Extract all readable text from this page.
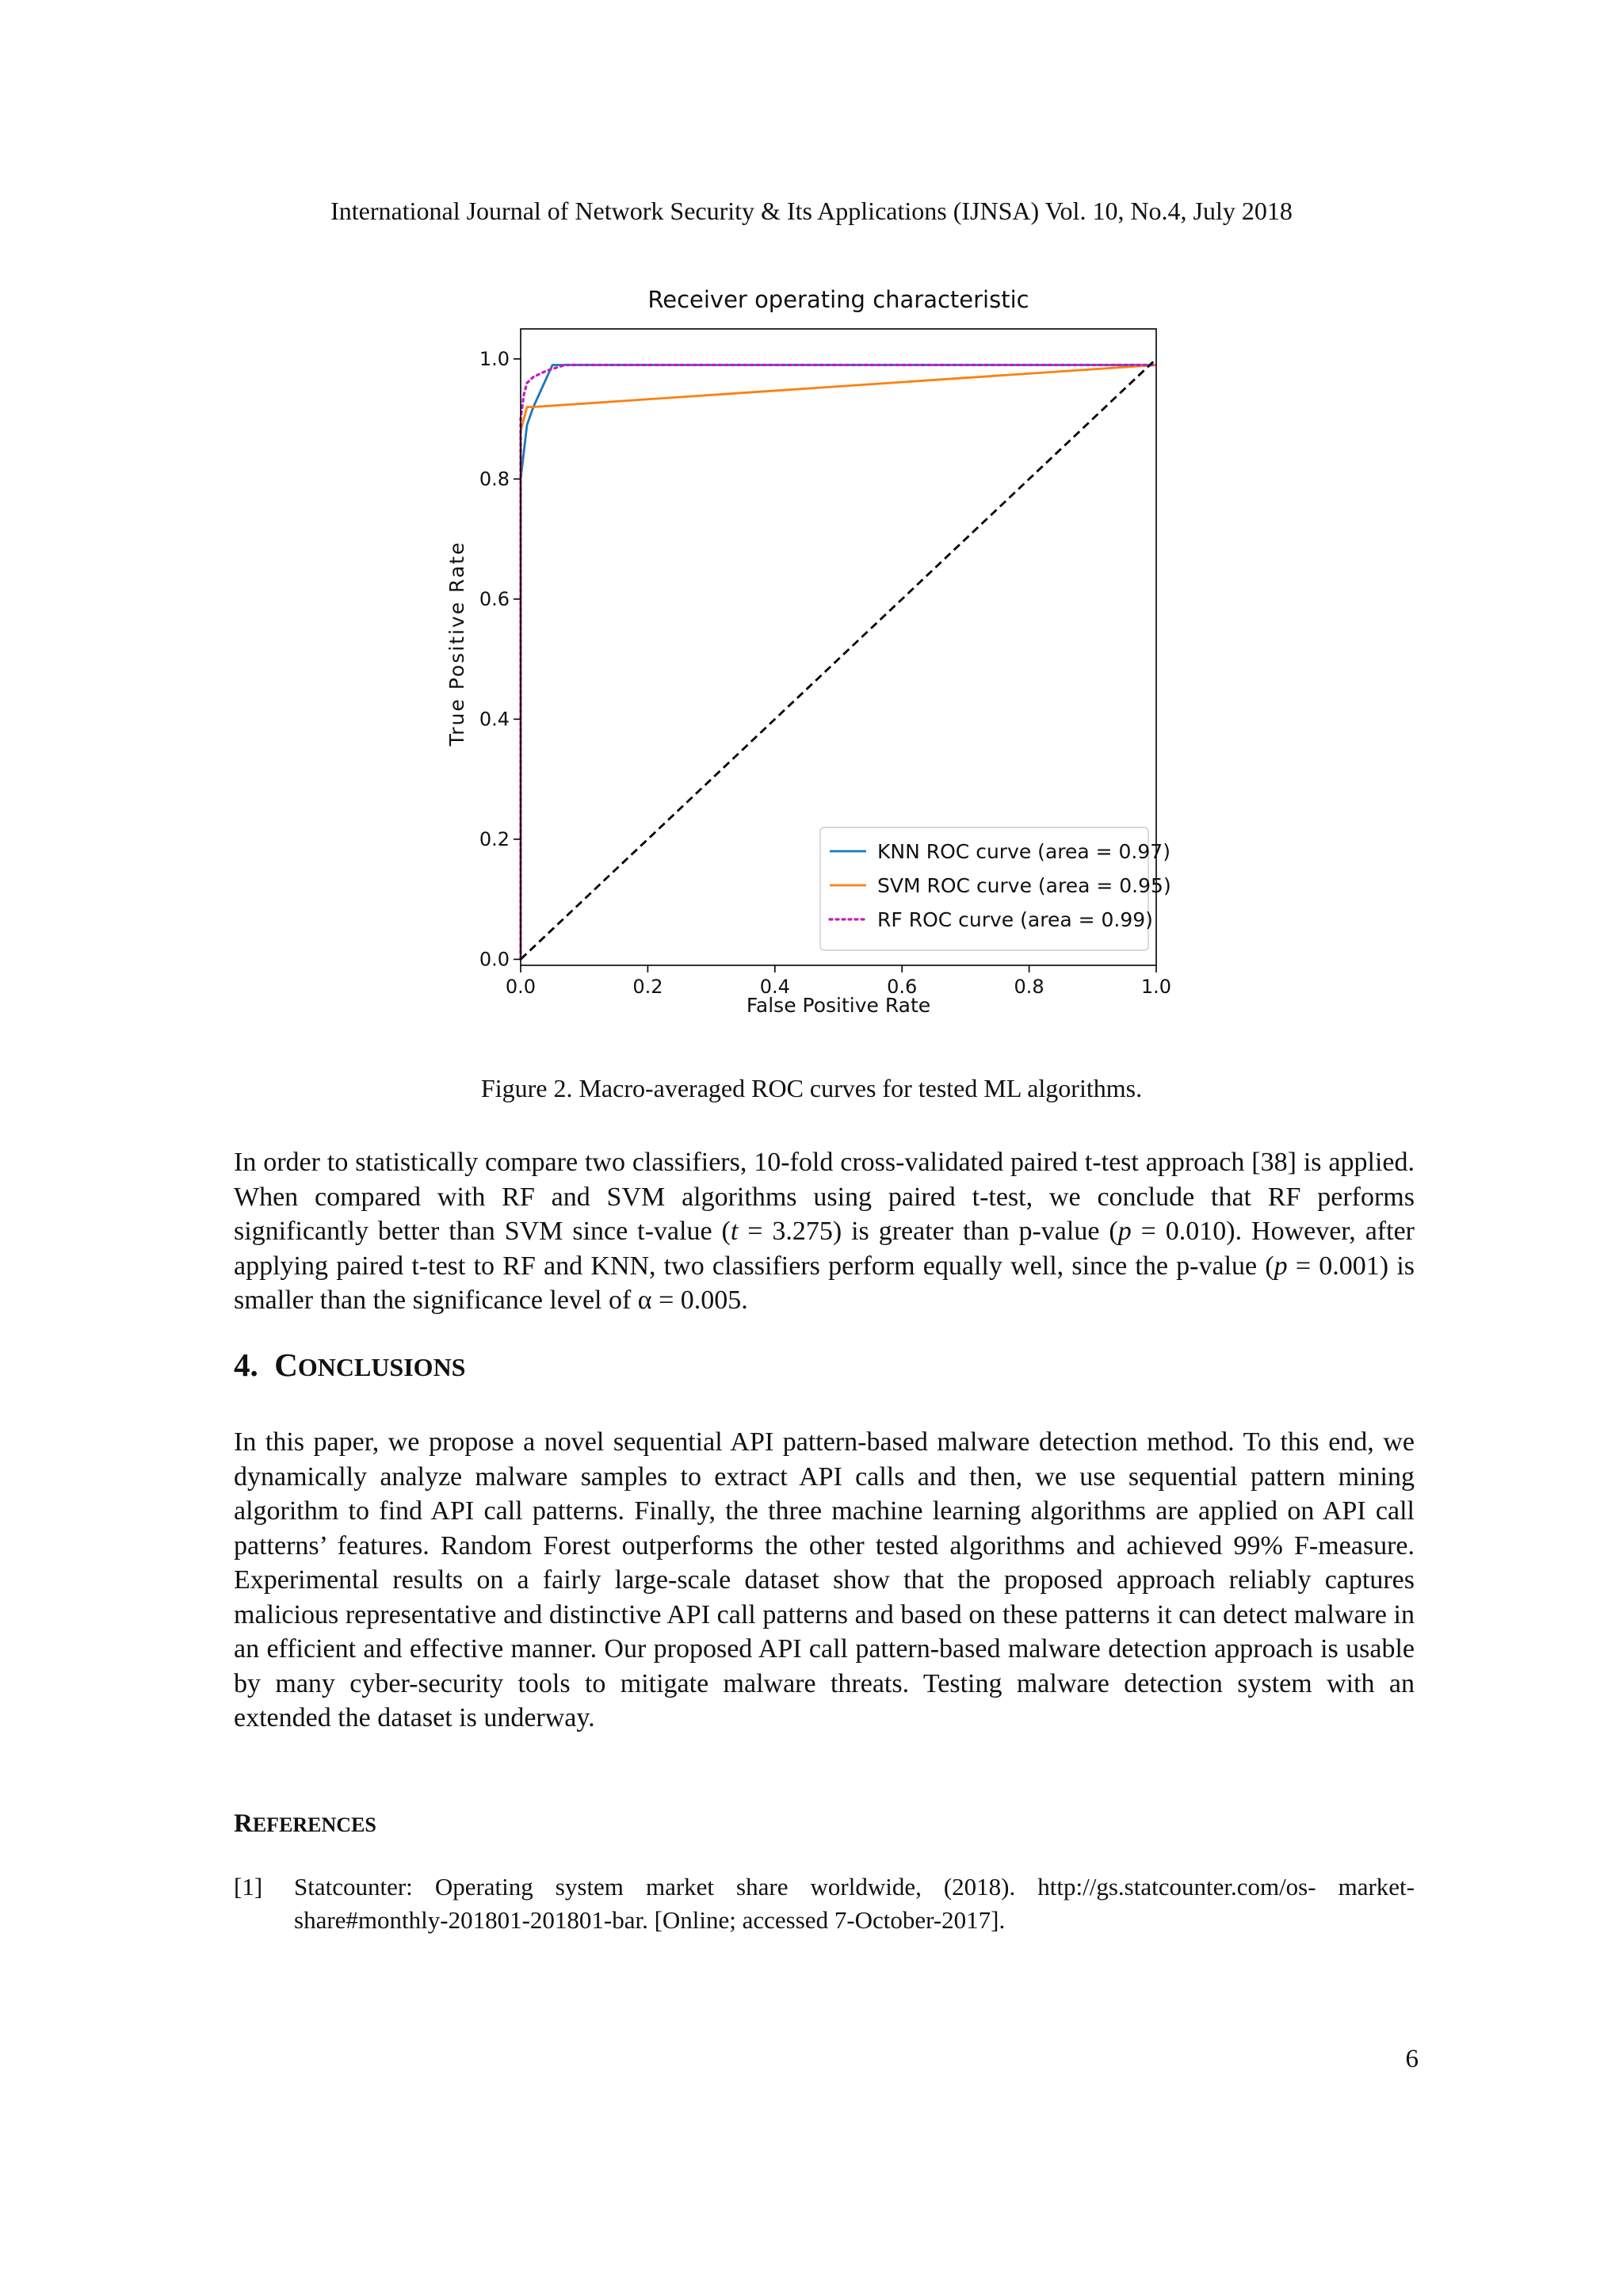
International Journal of Network Security & Its Applications (IJNSA) Vol. 10, No.4, July 2018
Receiver operating characteristic
0.0	0.2	0.4	0.6	0.8	1.0
0.0
0.2
0.4
0.6
0.8
1.0
False Positive Rate
True Positive Rate
KNN ROC curve (area = 0.97)
SVM ROC curve (area = 0.95)
RF ROC curve (area = 0.99)
Figure 2. Macro-averaged ROC curves for tested ML algorithms.

In order to statistically compare two classifiers, 10-fold cross-validated paired t-test approach [38] is applied. When compared with RF and SVM algorithms using paired t-test, we conclude that RF performs significantly better than SVM since t-value (t = 3.275) is greater than p-value (p = 0.010). However, after applying paired t-test to RF and KNN, two classifiers perform equally well, since the p-value (p = 0.001) is smaller than the significance level of α = 0.005.

4. CONCLUSIONS

In this paper, we propose a novel sequential API pattern-based malware detection method. To this end, we dynamically analyze malware samples to extract API calls and then, we use sequential pattern mining algorithm to find API call patterns. Finally, the three machine learning algorithms are applied on API call patterns’ features. Random Forest outperforms the other tested algorithms and achieved 99% F-measure. Experimental results on a fairly large-scale dataset show that the proposed approach reliably captures malicious representative and distinctive API call patterns and based on these patterns it can detect malware in an efficient and effective manner. Our proposed API call pattern-based malware detection approach is usable by many cyber-security tools to mitigate malware threats. Testing malware detection system with an extended the dataset is underway.

REFERENCES
[1] Statcounter: Operating system market share worldwide, (2018). http://gs.statcounter.com/os- market-share#monthly-201801-201801-bar. [Online; accessed 7-October-2017].
6
